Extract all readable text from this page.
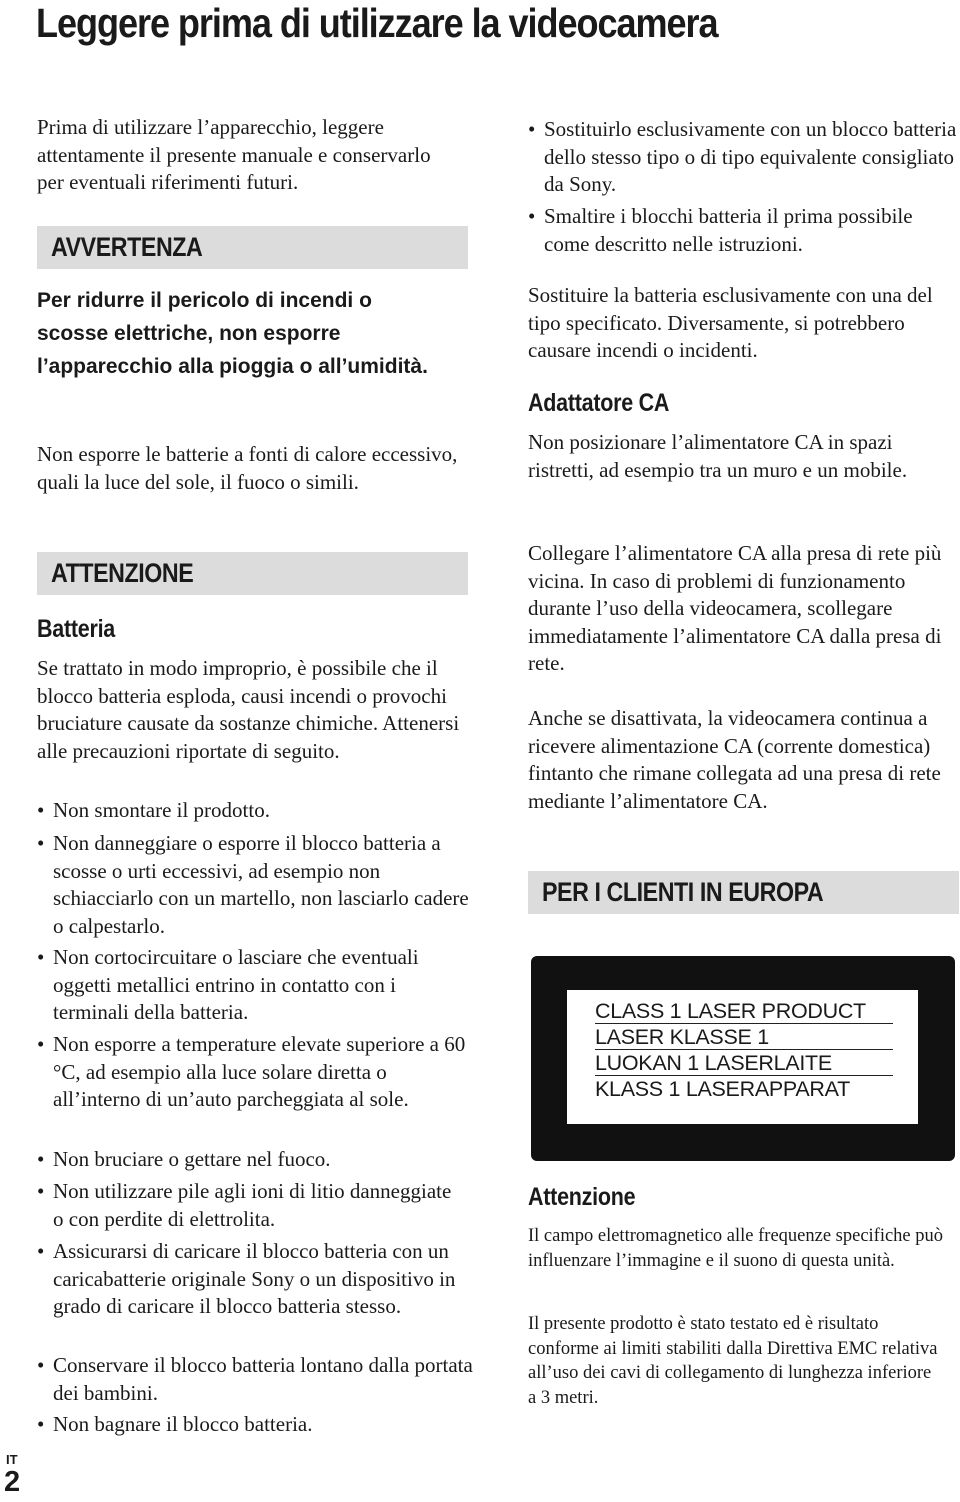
Leggere prima di utilizzare la videocamera

Prima di utilizzare l’apparecchio, leggere attentamente il presente manuale e conservarlo per eventuali riferimenti futuri.

AVVERTENZA

Per ridurre il pericolo di incendi o scosse elettriche, non esporre l’apparecchio alla pioggia o all’umidità.

Non esporre le batterie a fonti di calore eccessivo, quali la luce del sole, il fuoco o simili.

ATTENZIONE

Batteria

Se trattato in modo improprio, è possibile che il blocco batteria esploda, causi incendi o provochi bruciature causate da sostanze chimiche. Attenersi alle precauzioni riportate di seguito.

• Non smontare il prodotto.

• Non danneggiare o esporre il blocco batteria a scosse o urti eccessivi, ad esempio non schiacciarlo con un martello, non lasciarlo cadere o calpestarlo.

• Non cortocircuitare o lasciare che eventuali oggetti metallici entrino in contatto con i terminali della batteria.

• Non esporre a temperature elevate superiore a 60 °C, ad esempio alla luce solare diretta o all’interno di un’auto parcheggiata al sole.

• Non bruciare o gettare nel fuoco.

• Non utilizzare pile agli ioni di litio danneggiate o con perdite di elettrolita.

• Assicurarsi di caricare il blocco batteria con un caricabatterie originale Sony o un dispositivo in grado di caricare il blocco batteria stesso.

• Conservare il blocco batteria lontano dalla portata dei bambini.

• Non bagnare il blocco batteria.

• Sostituirlo esclusivamente con un blocco batteria dello stesso tipo o di tipo equivalente consigliato da Sony.

• Smaltire i blocchi batteria il prima possibile come descritto nelle istruzioni.

Sostituire la batteria esclusivamente con una del tipo specificato. Diversamente, si potrebbero causare incendi o incidenti.

Adattatore CA

Non posizionare l’alimentatore CA in spazi ristretti, ad esempio tra un muro e un mobile.

Collegare l’alimentatore CA alla presa di rete più vicina. In caso di problemi di funzionamento durante l’uso della videocamera, scollegare immediatamente l’alimentatore CA dalla presa di rete.

Anche se disattivata, la videocamera continua a ricevere alimentazione CA (corrente domestica) fintanto che rimane collegata ad una presa di rete mediante l’alimentatore CA.

PER I CLIENTI IN EUROPA

Attenzione

Il campo elettromagnetico alle frequenze specifiche può influenzare l’immagine e il suono di questa unità.

Il presente prodotto è stato testato ed è risultato conforme ai limiti stabiliti dalla Direttiva EMC relativa all’uso dei cavi di collegamento di lunghezza inferiore a 3 metri.

CLASS 1 LASER PRODUCT
LASER KLASSE 1
LUOKAN 1 LASERLAITE
KLASS 1 LASERAPPARAT
IT
2
